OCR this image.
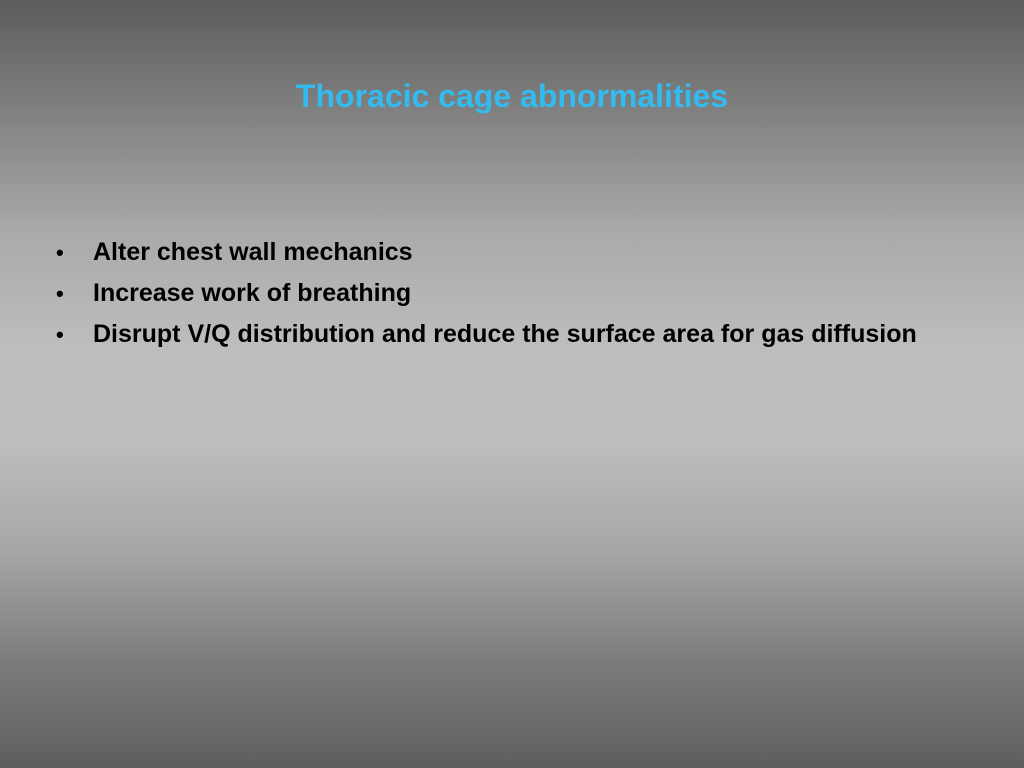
Thoracic cage abnormalities
•	Alter chest wall mechanics
•	Increase work of breathing
•	Disrupt V/Q distribution and reduce the surface area for gas diffusion
